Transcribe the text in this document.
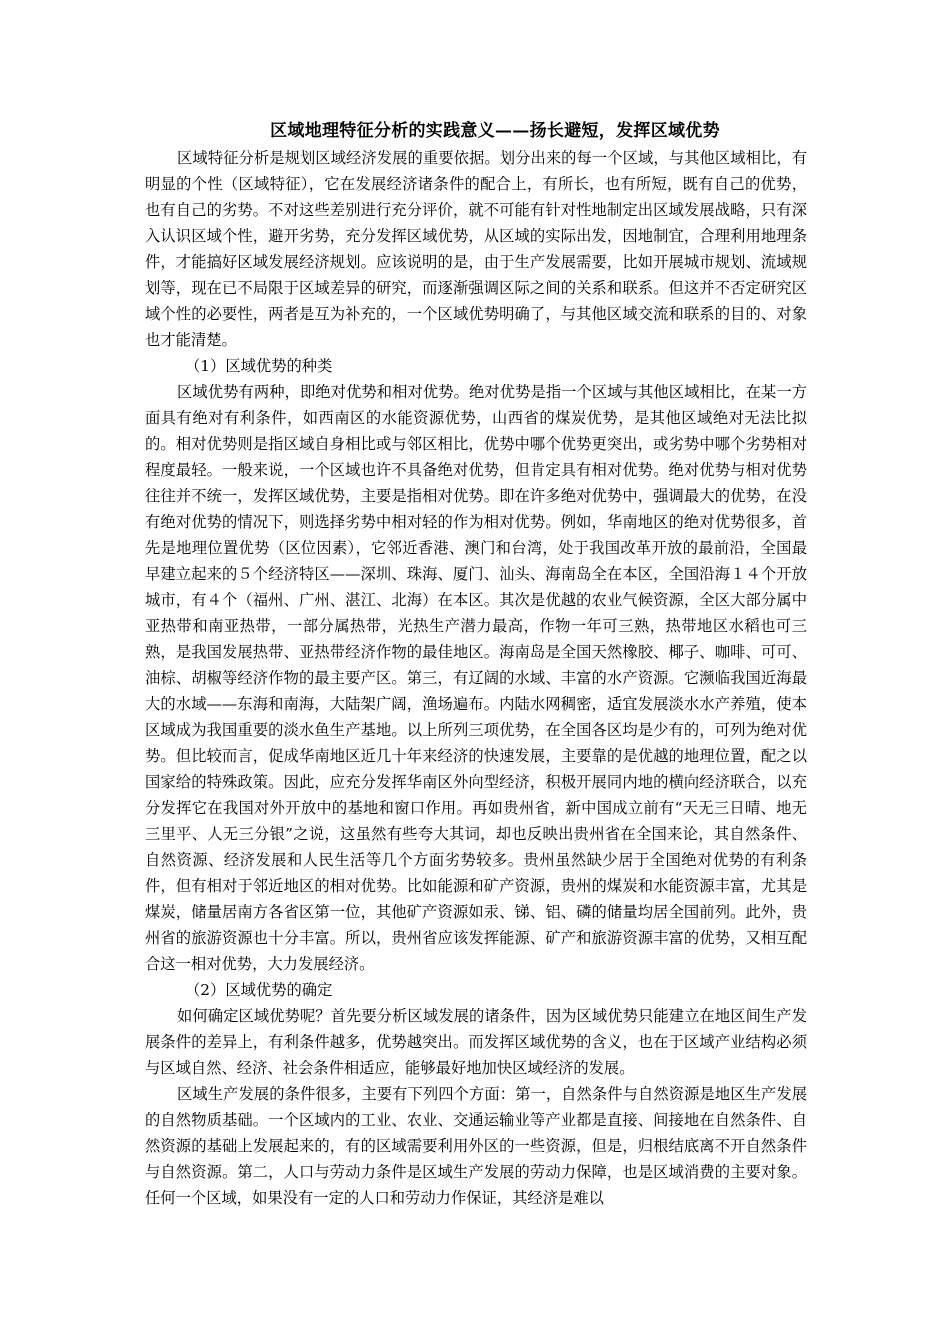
区域地理特征分析的实践意义——扬长避短，发挥区域优势

区域特征分析是规划区域经济发展的重要依据。划分出来的每一个区域，与其他区域相比，有明显的个性（区域特征），它在发展经济诸条件的配合上，有所长，也有所短，既有自己的优势，也有自己的劣势。不对这些差别进行充分评价，就不可能有针对性地制定出区域发展战略，只有深入认识区域个性，避开劣势，充分发挥区域优势，从区域的实际出发，因地制宜，合理利用地理条件，才能搞好区域发展经济规划。应该说明的是，由于生产发展需要，比如开展城市规划、流域规划等，现在已不局限于区域差异的研究，而逐渐强调区际之间的关系和联系。但这并不否定研究区域个性的必要性，两者是互为补充的，一个区域优势明确了，与其他区域交流和联系的目的、对象也才能清楚。

（1）区域优势的种类

区域优势有两种，即绝对优势和相对优势。绝对优势是指一个区域与其他区域相比，在某一方面具有绝对有利条件，如西南区的水能资源优势，山西省的煤炭优势，是其他区域绝对无法比拟的。相对优势则是指区域自身相比或与邻区相比，优势中哪个优势更突出，或劣势中哪个劣势相对程度最轻。一般来说，一个区域也许不具备绝对优势，但肯定具有相对优势。绝对优势与相对优势往往并不统一，发挥区域优势，主要是指相对优势。即在许多绝对优势中，强调最大的优势，在没有绝对优势的情况下，则选择劣势中相对轻的作为相对优势。例如，华南地区的绝对优势很多，首先是地理位置优势（区位因素），它邻近香港、澳门和台湾，处于我国改革开放的最前沿，全国最早建立起来的５个经济特区——深圳、珠海、厦门、汕头、海南岛全在本区，全国沿海１４个开放城市，有４个（福州、广州、湛江、北海）在本区。其次是优越的农业气候资源，全区大部分属中亚热带和南亚热带，一部分属热带，光热生产潜力最高，作物一年可三熟，热带地区水稻也可三熟，是我国发展热带、亚热带经济作物的最佳地区。海南岛是全国天然橡胶、椰子、咖啡、可可、油棕、胡椒等经济作物的最主要产区。第三，有辽阔的水域、丰富的水产资源。它濒临我国近海最大的水域——东海和南海，大陆架广阔，渔场遍布。内陆水网稠密，适宜发展淡水水产养殖，使本区域成为我国重要的淡水鱼生产基地。以上所列三项优势，在全国各区均是少有的，可列为绝对优势。但比较而言，促成华南地区近几十年来经济的快速发展，主要靠的是优越的地理位置，配之以国家给的特殊政策。因此，应充分发挥华南区外向型经济，积极开展同内地的横向经济联合，以充分发挥它在我国对外开放中的基地和窗口作用。再如贵州省，新中国成立前有“天无三日晴、地无三里平、人无三分银”之说，这虽然有些夸大其词，却也反映出贵州省在全国来论，其自然条件、自然资源、经济发展和人民生活等几个方面劣势较多。贵州虽然缺少居于全国绝对优势的有利条件，但有相对于邻近地区的相对优势。比如能源和矿产资源，贵州的煤炭和水能资源丰富，尤其是煤炭，储量居南方各省区第一位，其他矿产资源如汞、锑、铝、磷的储量均居全国前列。此外，贵州省的旅游资源也十分丰富。所以，贵州省应该发挥能源、矿产和旅游资源丰富的优势，又相互配合这一相对优势，大力发展经济。

（2）区域优势的确定

如何确定区域优势呢？首先要分析区域发展的诸条件，因为区域优势只能建立在地区间生产发展条件的差异上，有利条件越多，优势越突出。而发挥区域优势的含义，也在于区域产业结构必须与区域自然、经济、社会条件相适应，能够最好地加快区域经济的发展。

区域生产发展的条件很多，主要有下列四个方面：第一，自然条件与自然资源是地区生产发展的自然物质基础。一个区域内的工业、农业、交通运输业等产业都是直接、间接地在自然条件、自然资源的基础上发展起来的，有的区域需要利用外区的一些资源，但是，归根结底离不开自然条件与自然资源。第二，人口与劳动力条件是区域生产发展的劳动力保障，也是区域消费的主要对象。任何一个区域，如果没有一定的人口和劳动力作保证，其经济是难以
